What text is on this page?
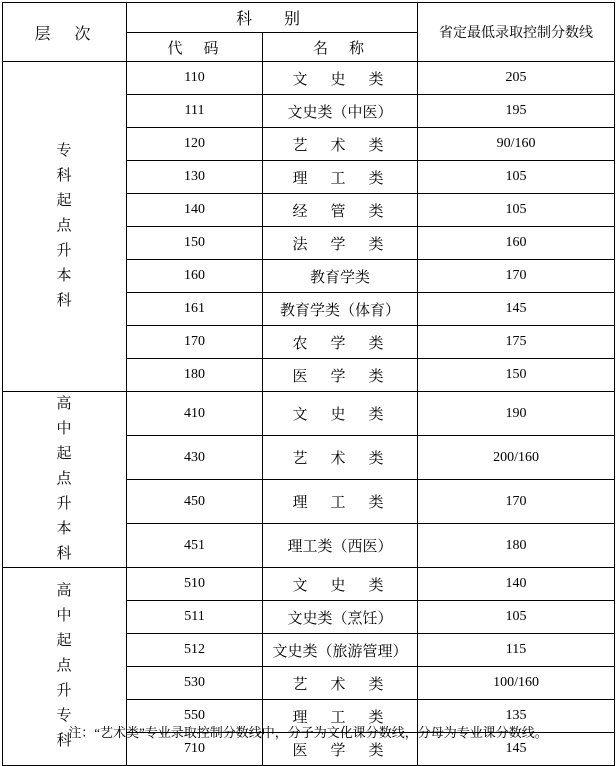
层　次	科　别		省定最低录取控制分数线
	代　码	名　称	
专科起点升本科	110	文　史　类	205
	111	文史类（中医）	195
	120	艺　术　类	90/160
	130	理　工　类	105
	140	经　管　类	105
	150	法　学　类	160
	160	教育学类	170
	161	教育学类（体育）	145
	170	农　学　类	175
	180	医　学　类	150
高中起点升本科	410	文　史　类	190
	430	艺　术　类	200/160
	450	理　工　类	170
	451	理工类（西医）	180
高中起点升专科	510	文　史　类	140
	511	文史类（烹饪）	105
	512	文史类（旅游管理）	115
	530	艺　术　类	100/160
	550	理　工　类	135
	710	医　学　类	145
注：“艺术类”专业录取控制分数线中，分子为文化课分数线，分母为专业课分数线。
